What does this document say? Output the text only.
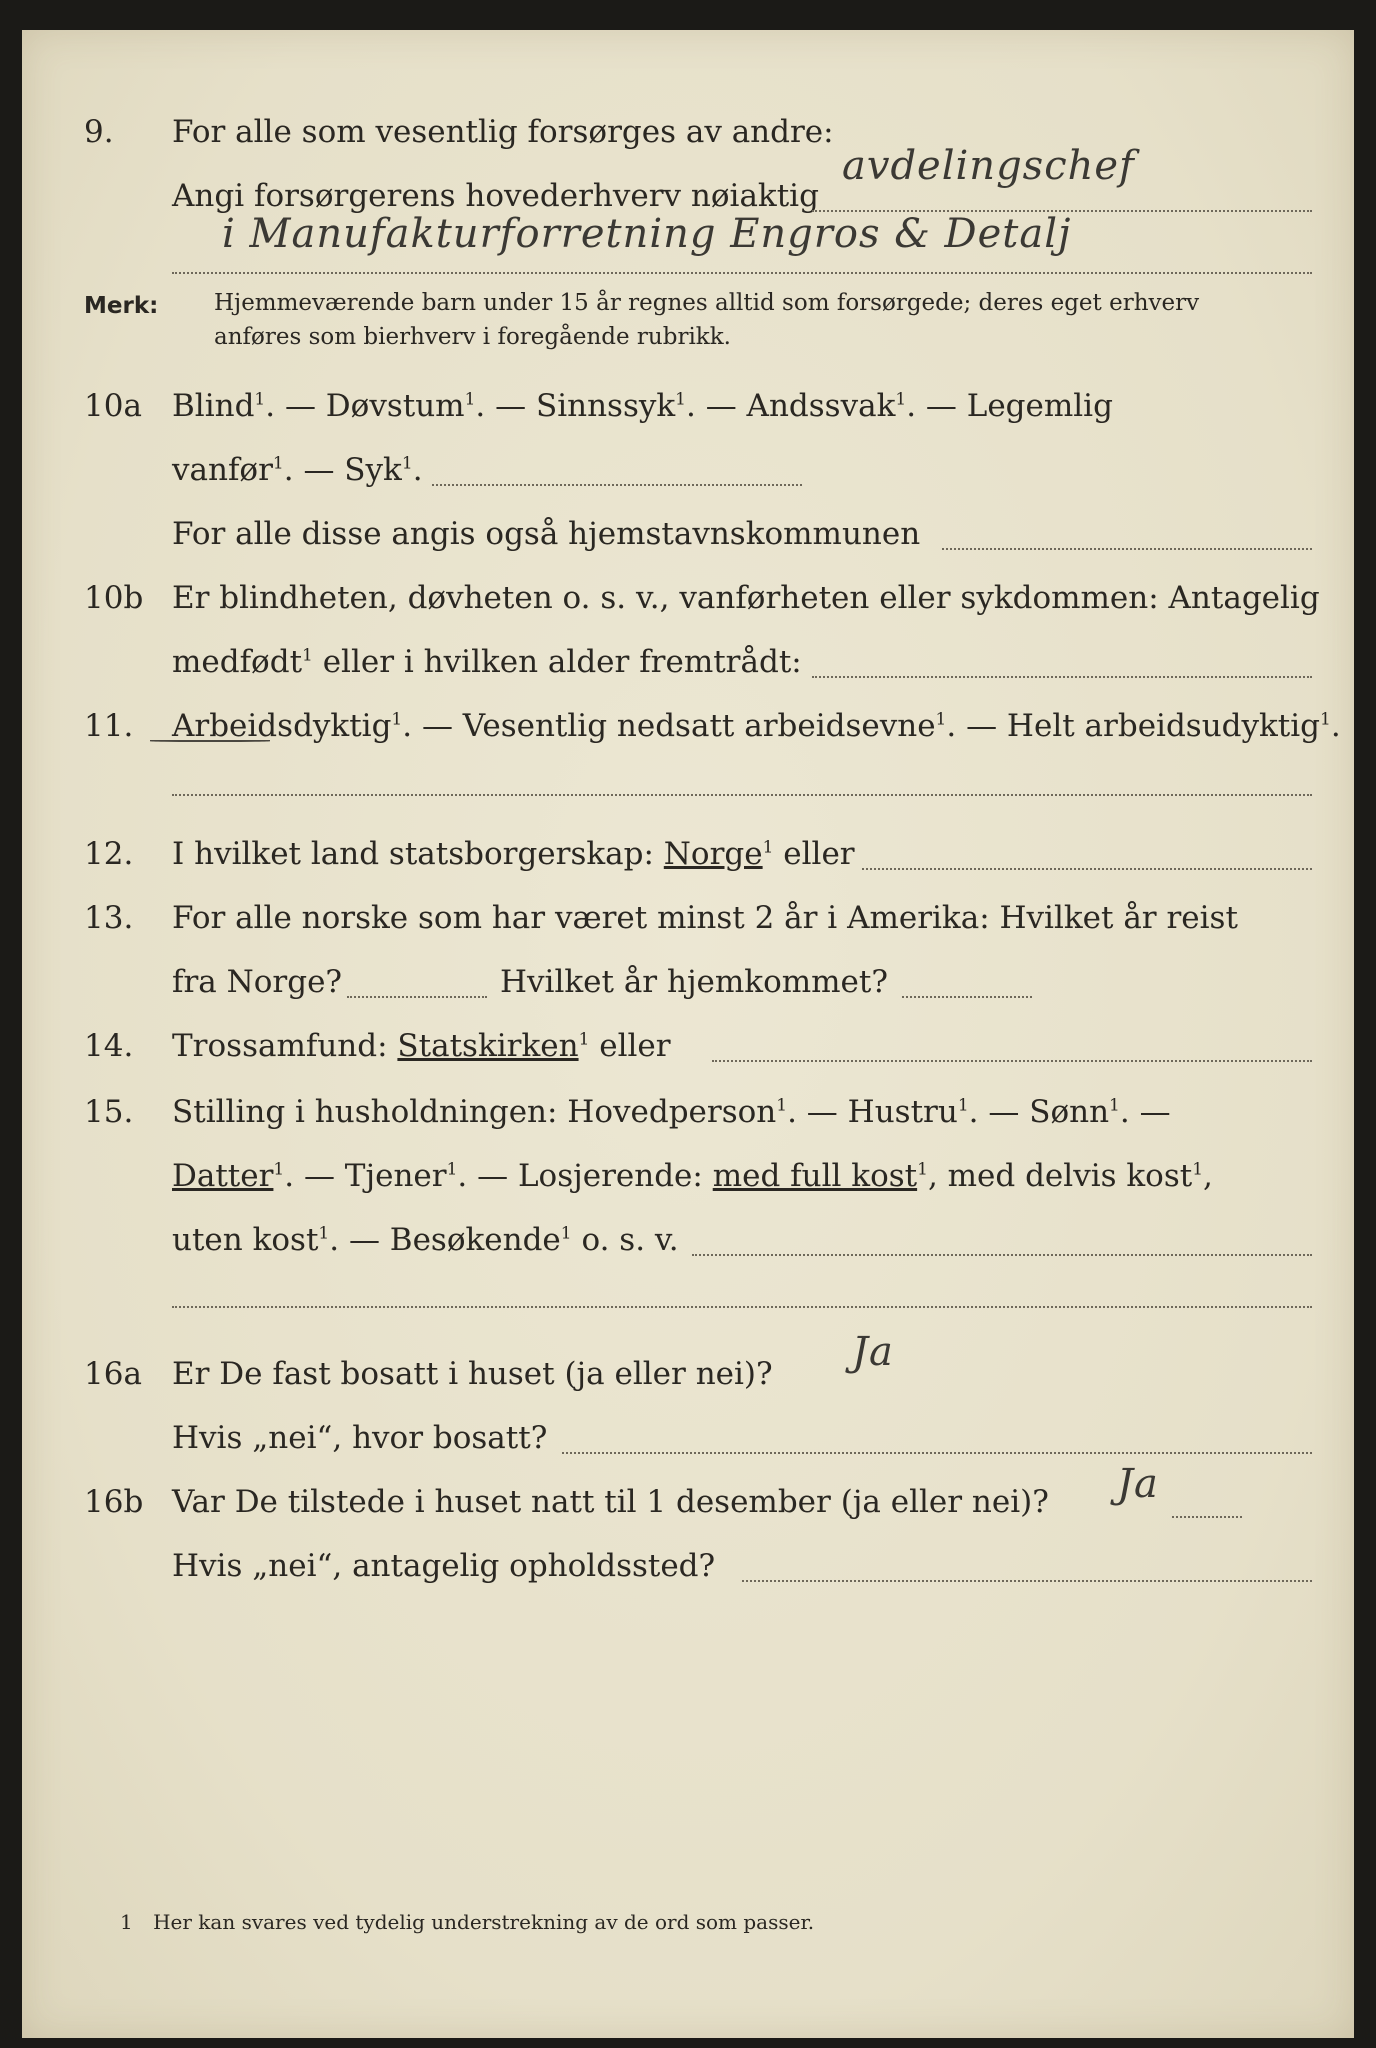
9. For alle som vesentlig forsørges av andre:
Angi forsørgerens hovederhverv nøiaktig
avdelingschef
i Manufakturforretning Engros & Detalj
Merk: Hjemmeværende barn under 15 år regnes alltid som forsørgede; deres eget erhverv
anføres som bierhverv i foregående rubrikk.
10a Blind$^1$. — Døvstum$^1$. — Sinnssyk$^1$. — Andssvak$^1$. — Legemlig
vanfør$^1$. — Syk$^1$.
For alle disse angis også hjemstavnskommunen
10b Er blindheten, døvheten o. s. v., vanførheten eller sykdommen: Antagelig
medfødt$^1$ eller i hvilken alder fremtrådt:
11. Arbeidsdyktig$^1$. — Vesentlig nedsatt arbeidsevne$^1$. — Helt arbeidsudyktig$^1$.
12. I hvilket land statsborgerskap: Norge$^1$ eller
13. For alle norske som har været minst 2 år i Amerika: Hvilket år reist
fra Norge?	Hvilket år hjemkommet?
14. Trossamfund: Statskirken$^1$ eller
15. Stilling i husholdningen: Hovedperson$^1$. — Hustru$^1$. — Sønn$^1$. —
Datter$^1$. — Tjener$^1$. — Losjerende: med full kost$^1$, med delvis kost$^1$,
uten kost$^1$. — Besøkende$^1$ o. s. v.
16a Er De fast bosatt i huset (ja eller nei)? Ja
Hvis „nei“, hvor bosatt?
16b Var De tilstede i huset natt til 1 desember (ja eller nei)? Ja
Hvis „nei“, antagelig opholdssted?
1 Her kan svares ved tydelig understrekning av de ord som passer.
